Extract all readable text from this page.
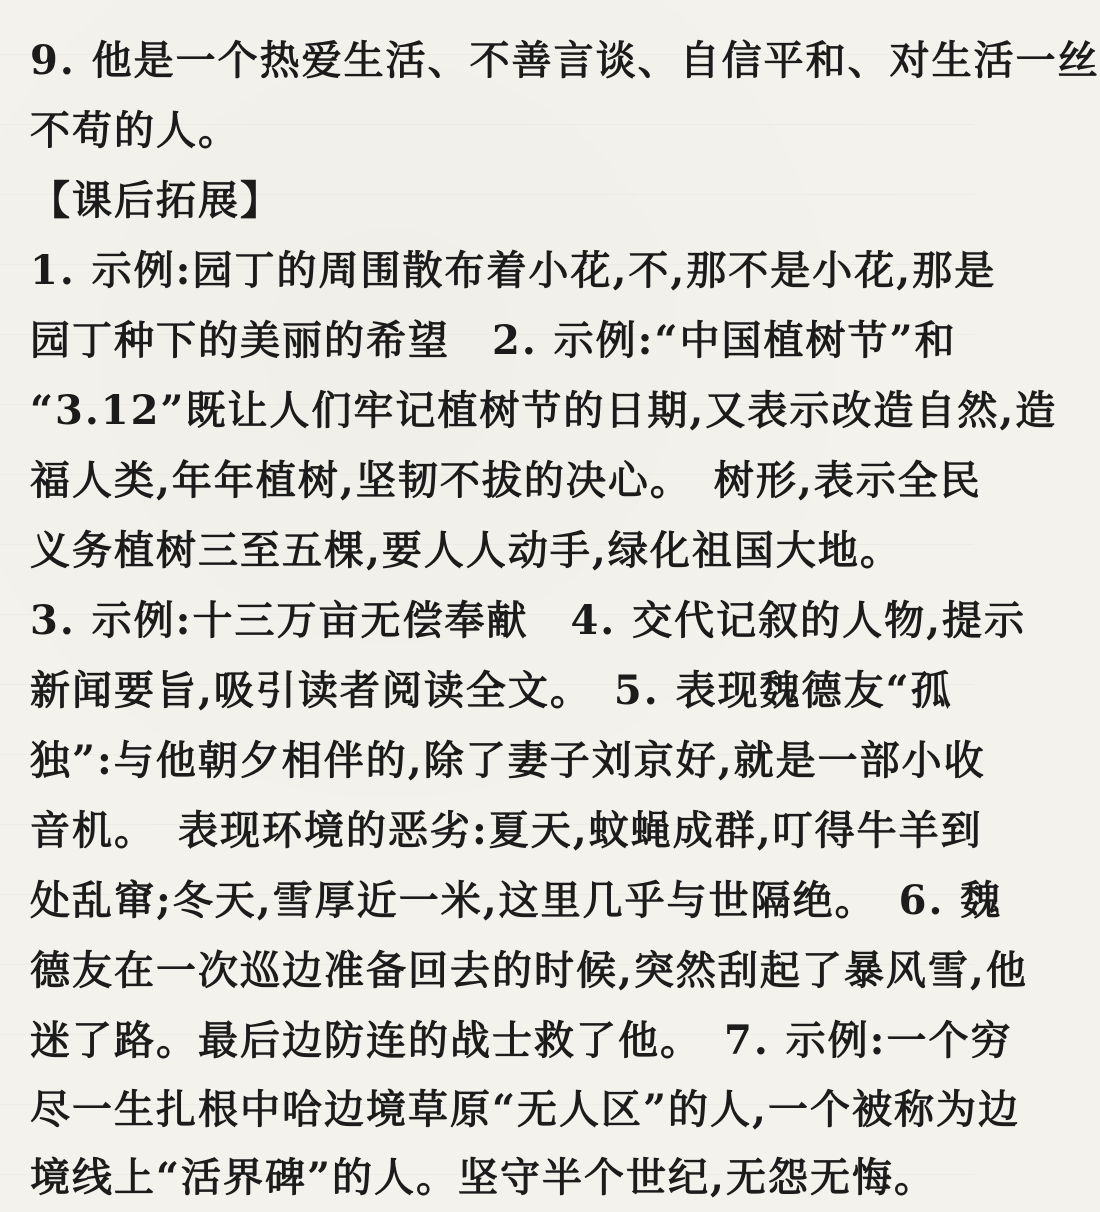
9. 他是一个热爱生活、不善言谈、自信平和、对生活一丝
不苟的人。
【课后拓展】
1. 示例:园丁的周围散布着小花,不,那不是小花,那是
园丁种下的美丽的希望　2. 示例:“中国植树节”和
“3.12”既让人们牢记植树节的日期,又表示改造自然,造
福人类,年年植树,坚韧不拔的决心。　树形,表示全民
义务植树三至五棵,要人人动手,绿化祖国大地。
3. 示例:十三万亩无偿奉献　4. 交代记叙的人物,提示
新闻要旨,吸引读者阅读全文。　5. 表现魏德友“孤
独”:与他朝夕相伴的,除了妻子刘京好,就是一部小收
音机。　表现环境的恶劣:夏天,蚊蝇成群,叮得牛羊到
处乱窜;冬天,雪厚近一米,这里几乎与世隔绝。　6. 魏
德友在一次巡边准备回去的时候,突然刮起了暴风雪,他
迷了路。最后边防连的战士救了他。　7. 示例:一个穷
尽一生扎根中哈边境草原“无人区”的人,一个被称为边
境线上“活界碑”的人。坚守半个世纪,无怨无悔。
